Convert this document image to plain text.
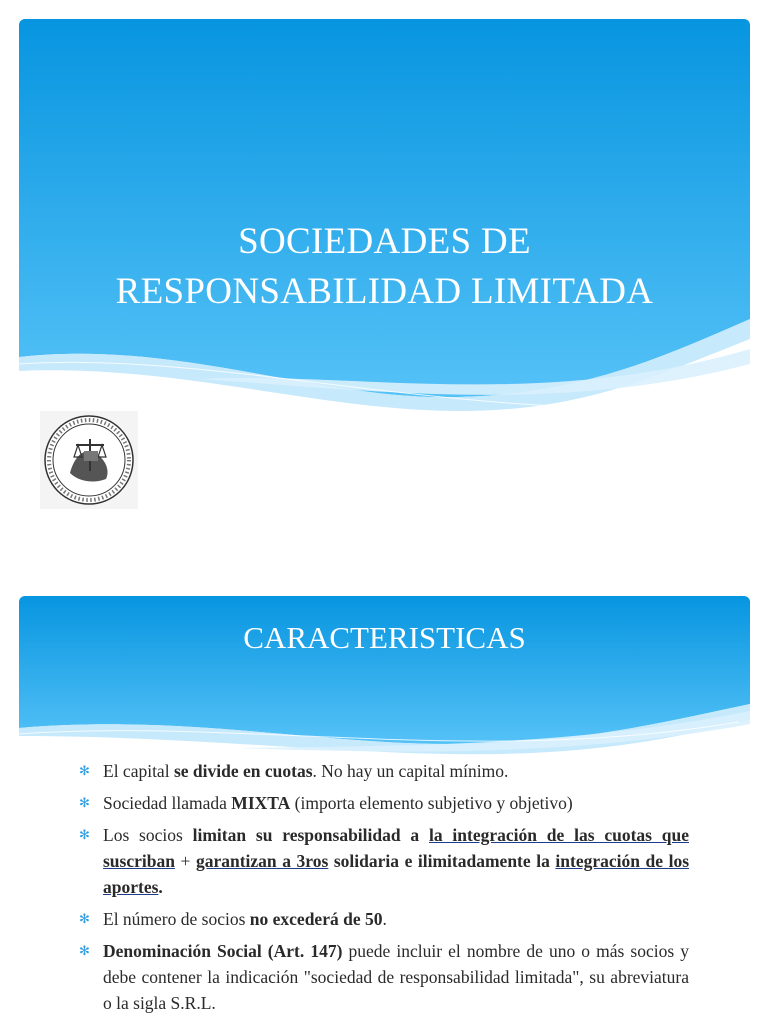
SOCIEDADES DE
RESPONSABILIDAD LIMITADA
CARACTERISTICAS
✻ El capital se divide en cuotas. No hay un capital mínimo.
✻ Sociedad llamada MIXTA (importa elemento subjetivo y objetivo)
✻ Los socios limitan su responsabilidad a la integración de las cuotas que suscriban + garantizan a 3ros solidaria e ilimitadamente la integración de los aportes.
✻ El número de socios no excederá de 50.
✻ Denominación Social (Art. 147) puede incluir el nombre de uno o más socios y debe contener la indicación "sociedad de responsabilidad limitada", su abreviatura o la sigla S.R.L.
